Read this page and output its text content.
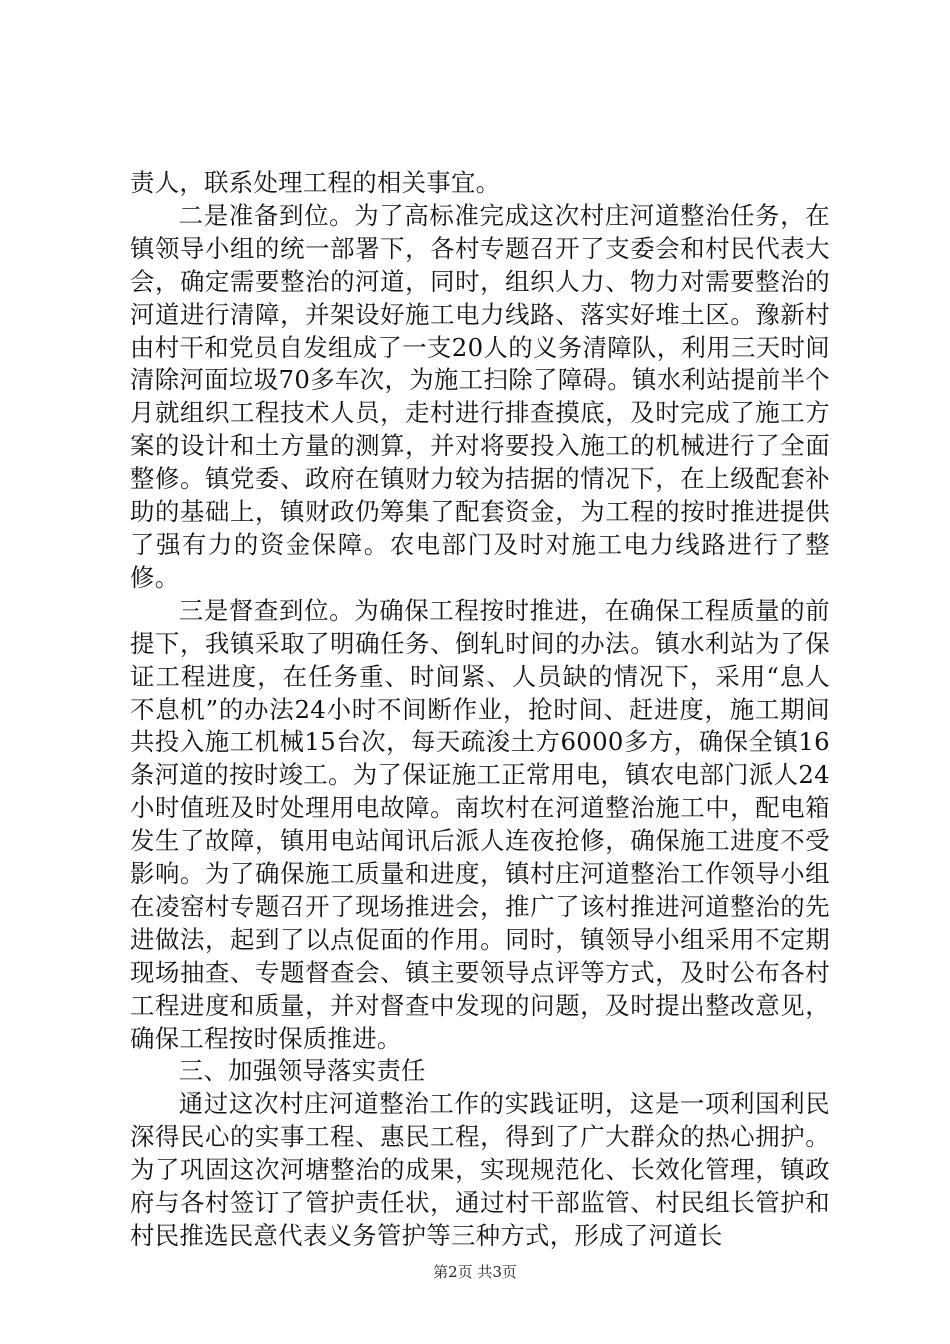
责人，联系处理工程的相关事宜。

二是准备到位。为了高标准完成这次村庄河道整治任务，在镇领导小组的统一部署下，各村专题召开了支委会和村民代表大会，确定需要整治的河道，同时，组织人力、物力对需要整治的河道进行清障，并架设好施工电力线路、落实好堆土区。豫新村由村干和党员自发组成了一支20人的义务清障队，利用三天时间清除河面垃圾70多车次，为施工扫除了障碍。镇水利站提前半个月就组织工程技术人员，走村进行排查摸底，及时完成了施工方案的设计和土方量的测算，并对将要投入施工的机械进行了全面整修。镇党委、政府在镇财力较为拮据的情况下，在上级配套补助的基础上，镇财政仍筹集了配套资金，为工程的按时推进提供了强有力的资金保障。农电部门及时对施工电力线路进行了整修。

三是督查到位。为确保工程按时推进，在确保工程质量的前提下，我镇采取了明确任务、倒轧时间的办法。镇水利站为了保证工程进度，在任务重、时间紧、人员缺的情况下，采用“息人不息机”的办法24小时不间断作业，抢时间、赶进度，施工期间共投入施工机械15台次，每天疏浚土方6000多方，确保全镇16条河道的按时竣工。为了保证施工正常用电，镇农电部门派人24小时值班及时处理用电故障。南坎村在河道整治施工中，配电箱发生了故障，镇用电站闻讯后派人连夜抢修，确保施工进度不受影响。为了确保施工质量和进度，镇村庄河道整治工作领导小组在凌窑村专题召开了现场推进会，推广了该村推进河道整治的先进做法，起到了以点促面的作用。同时，镇领导小组采用不定期现场抽查、专题督查会、镇主要领导点评等方式，及时公布各村工程进度和质量，并对督查中发现的问题，及时提出整改意见，确保工程按时保质推进。

三、加强领导落实责任

通过这次村庄河道整治工作的实践证明，这是一项利国利民深得民心的实事工程、惠民工程，得到了广大群众的热心拥护。为了巩固这次河塘整治的成果，实现规范化、长效化管理，镇政府与各村签订了管护责任状，通过村干部监管、村民组长管护和村民推选民意代表义务管护等三种方式，形成了河道长

第2页 共3页
